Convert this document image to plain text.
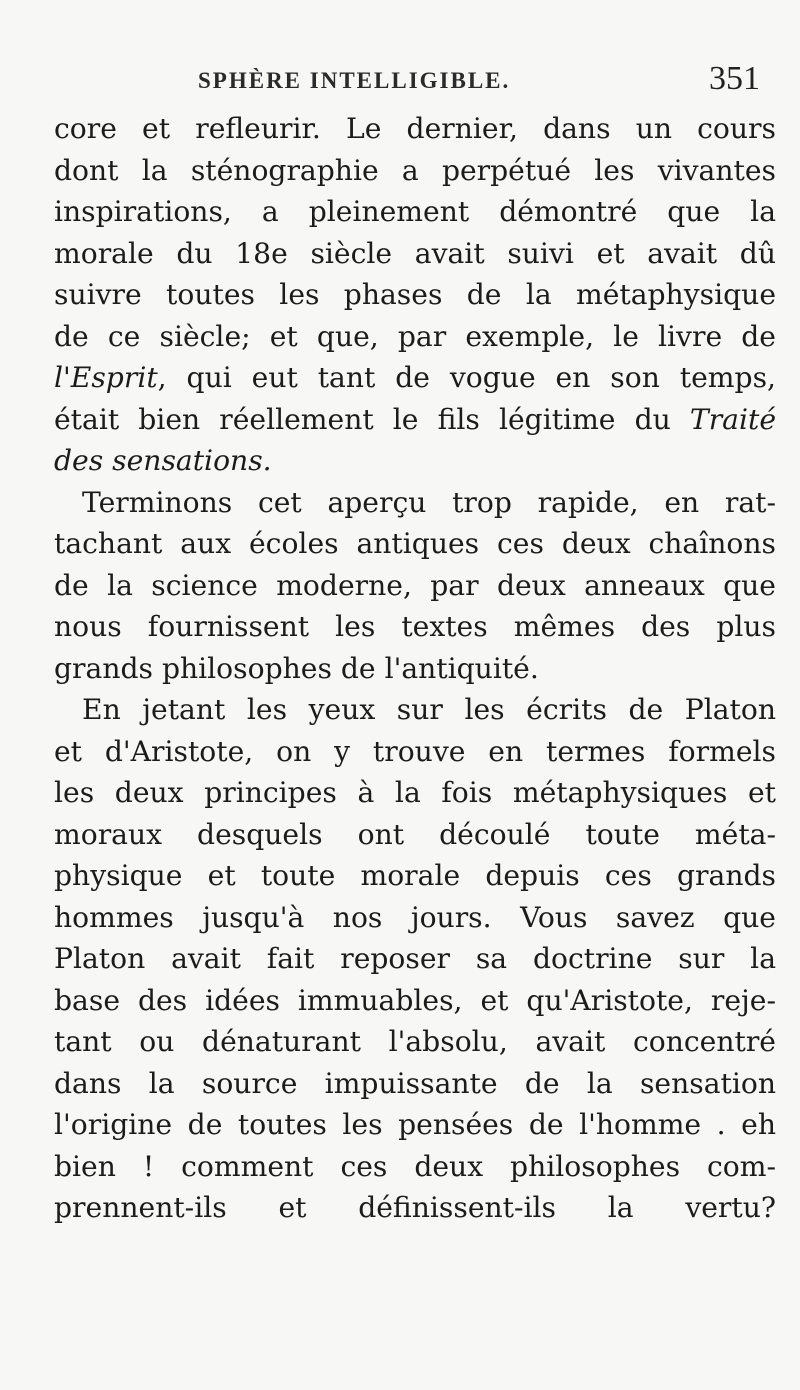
SPHÈRE INTELLIGIBLE.	351
core et refleurir. Le dernier, dans un cours
dont la sténographie a perpétué les vivantes
inspirations, a pleinement démontré que la
morale du 18e siècle avait suivi et avait dû
suivre toutes les phases de la métaphysique
de ce siècle; et que, par exemple, le livre de
l'Esprit, qui eut tant de vogue en son temps,
était bien réellement le fils légitime du Traité
des sensations.
Terminons cet aperçu trop rapide, en rat-
tachant aux écoles antiques ces deux chaînons
de la science moderne, par deux anneaux que
nous fournissent les textes mêmes des plus
grands philosophes de l'antiquité.
En jetant les yeux sur les écrits de Platon
et d'Aristote, on y trouve en termes formels
les deux principes à la fois métaphysiques et
moraux desquels ont découlé toute méta-
physique et toute morale depuis ces grands
hommes jusqu'à nos jours. Vous savez que
Platon avait fait reposer sa doctrine sur la
base des idées immuables, et qu'Aristote, reje-
tant ou dénaturant l'absolu, avait concentré
dans la source impuissante de la sensation
l'origine de toutes les pensées de l'homme . eh
bien ! comment ces deux philosophes com-
prennent-ils et définissent-ils la vertu?
